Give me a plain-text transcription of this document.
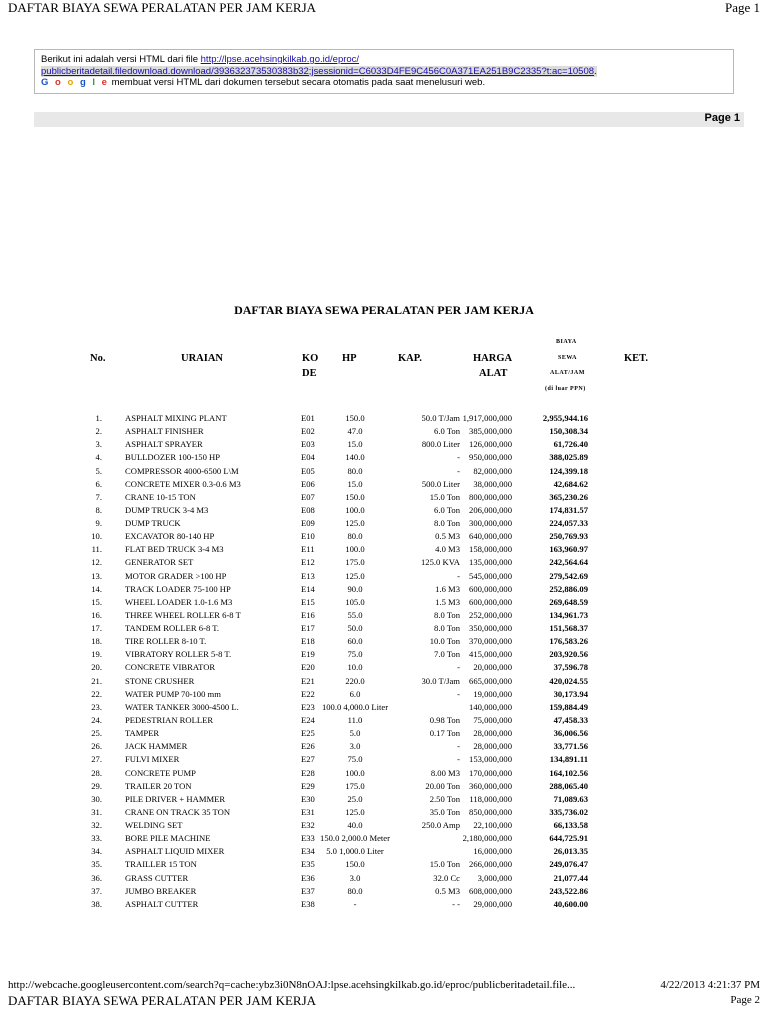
DAFTAR BIAYA SEWA PERALATAN PER JAM KERJA	Page 1
Berikut ini adalah versi HTML dari file http://lpse.acehsingkilkab.go.id/eproc/
publicberitadetail.filedownload.download/393632373530383b32;jsessionid=C6033D4FE9C456C0A371EA251B9C2335?t:ac=10508.
G o o g l e membuat versi HTML dari dokumen tersebut secara otomatis pada saat menelusuri web.
Page 1
DAFTAR BIAYA SEWA PERALATAN PER JAM KERJA
No.	URAIAN	KO
DE
HP	KAP.	HARGA
ALAT
BIAYA
SEWA
ALAT/JAM
(di luar PPN)
KET.
1.	ASPHALT MIXING PLANT	E01	150.0	50.0 T/Jam 1,917,000,000	2,955,944.16
2.	ASPHALT FINISHER	E02	47.0	6.0 Ton	385,000,000	150,308.34
3.	ASPHALT SPRAYER	E03	15.0	800.0 Liter	126,000,000	61,726.40
4.	BULLDOZER 100-150 HP	E04	140.0	-	950,000,000	388,025.89
5.	COMPRESSOR 4000-6500 L\M	E05	80.0	-	82,000,000	124,399.18
6.	CONCRETE MIXER 0.3-0.6 M3	E06	15.0	500.0 Liter	38,000,000	42,684.62
7.	CRANE 10-15 TON	E07	150.0	15.0 Ton	800,000,000	365,230.26
8.	DUMP TRUCK 3-4 M3	E08	100.0	6.0 Ton	206,000,000	174,831.57
9.	DUMP TRUCK	E09	125.0	8.0 Ton	300,000,000	224,057.33
10.	EXCAVATOR 80-140 HP	E10	80.0	0.5 M3	640,000,000	250,769.93
11.	FLAT BED TRUCK 3-4 M3	E11	100.0	4.0 M3	158,000,000	163,960.97
12.	GENERATOR SET	E12	175.0	125.0 KVA	135,000,000	242,564.64
13.	MOTOR GRADER >100 HP	E13	125.0	-	545,000,000	279,542.69
14.	TRACK LOADER 75-100 HP	E14	90.0	1.6 M3	600,000,000	252,886.09
15.	WHEEL LOADER 1.0-1.6 M3	E15	105.0	1.5 M3	600,000,000	269,648.59
16.	THREE WHEEL ROLLER 6-8 T	E16	55.0	8.0 Ton	252,000,000	134,961.73
17.	TANDEM ROLLER 6-8 T.	E17	50.0	8.0 Ton	350,000,000	151,568.37
18.	TIRE ROLLER 8-10 T.	E18	60.0	10.0 Ton	370,000,000	176,583.26
19.	VIBRATORY ROLLER 5-8 T.	E19	75.0	7.0 Ton	415,000,000	203,920.56
20.	CONCRETE VIBRATOR	E20	10.0	-	20,000,000	37,596.78
21.	STONE CRUSHER	E21	220.0	30.0 T/Jam	665,000,000	420,024.55
22.	WATER PUMP 70-100 mm	E22	6.0	-	19,000,000	30,173.94
23.	WATER TANKER 3000-4500 L.	E23 100.0 4,000.0 Liter	140,000,000	159,884.49
24.	PEDESTRIAN ROLLER	E24	11.0	0.98 Ton	75,000,000	47,458.33
25.	TAMPER	E25	5.0	0.17 Ton	28,000,000	36,006.56
26.	JACK HAMMER	E26	3.0	-	28,000,000	33,771.56
27.	FULVI MIXER	E27	75.0	-	153,000,000	134,891.11
28.	CONCRETE PUMP	E28	100.0	8.00 M3	170,000,000	164,102.56
29.	TRAILER 20 TON	E29	175.0	20.00 Ton	360,000,000	288,065.40
30.	PILE DRIVER + HAMMER	E30	25.0	2.50 Ton	118,000,000	71,089.63
31.	CRANE ON TRACK 35 TON	E31	125.0	35.0 Ton	850,000,000	335,736.02
32.	WELDING SET	E32	40.0	250.0 Amp	22,100,000	66,133.58
33.	BORE PILE MACHINE	E33 150.0 2,000.0 Meter	2,180,000,000	644,725.91
34.	ASPHALT LIQUID MIXER	E34	5.0 1,000.0 Liter	16,000,000	26,013.35
35.	TRAILLER 15 TON	E35	150.0	15.0 Ton	266,000,000	249,076.47
36.	GRASS CUTTER	E36	3.0	32.0 Cc	3,000,000	21,077.44
37.	JUMBO BREAKER	E37	80.0	0.5 M3	608,000,000	243,522.86
38.	ASPHALT CUTTER	E38	-	- -	29,000,000	40,600.00
http://webcache.googleusercontent.com/search?q=cache:ybz3i0N8nOAJ:lpse.acehsingkilkab.go.id/eproc/publicberitadetail.file...	4/22/2013 4:21:37 PM
DAFTAR BIAYA SEWA PERALATAN PER JAM KERJA	Page 2
